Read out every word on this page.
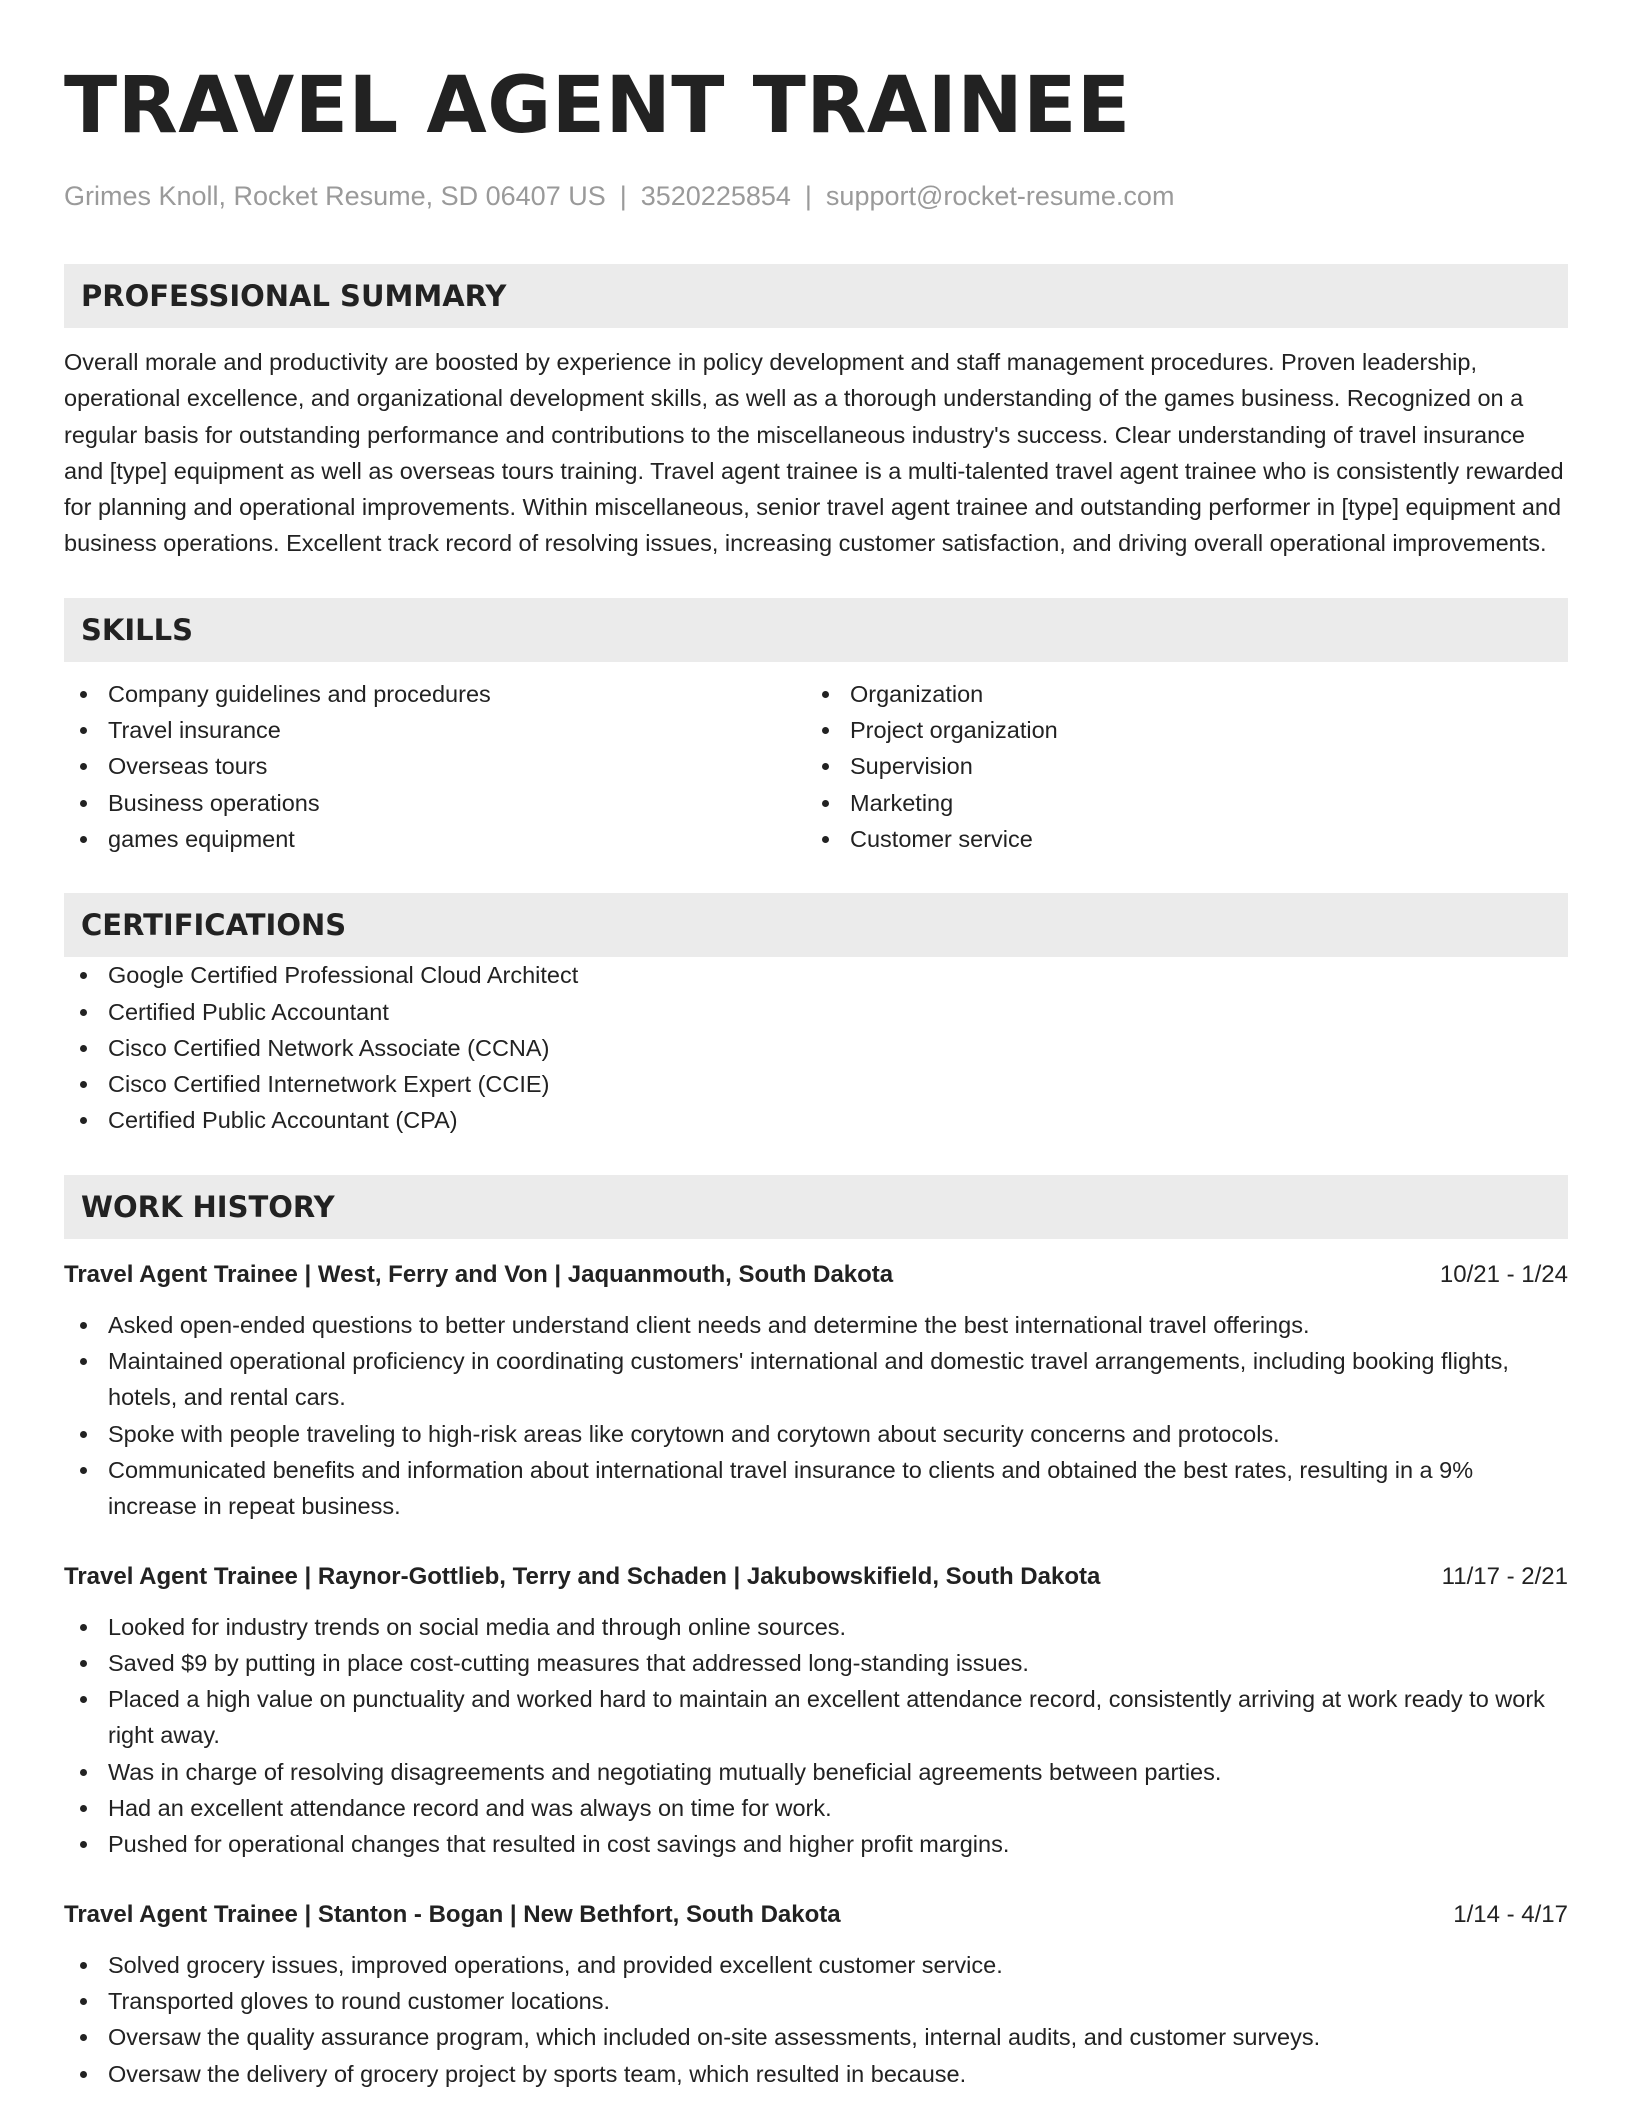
TRAVEL AGENT TRAINEE
Grimes Knoll, Rocket Resume, SD 06407 US | 3520225854 | support@rocket-resume.com
PROFESSIONAL SUMMARY

Overall morale and productivity are boosted by experience in policy development and staff management procedures. Proven leadership, operational excellence, and organizational development skills, as well as a thorough understanding of the games business. Recognized on a regular basis for outstanding performance and contributions to the miscellaneous industry's success. Clear understanding of travel insurance and [type] equipment as well as overseas tours training. Travel agent trainee is a multi-talented travel agent trainee who is consistently rewarded for planning and operational improvements. Within miscellaneous, senior travel agent trainee and outstanding performer in [type] equipment and business operations. Excellent track record of resolving issues, increasing customer satisfaction, and driving overall operational improvements.

SKILLS
Company guidelines and procedures
Travel insurance
Overseas tours
Business operations
games equipment
Organization
Project organization
Supervision
Marketing
Customer service
CERTIFICATIONS
Google Certified Professional Cloud Architect
Certified Public Accountant
Cisco Certified Network Associate (CCNA)
Cisco Certified Internetwork Expert (CCIE)
Certified Public Accountant (CPA)
WORK HISTORY
Travel Agent Trainee | West, Ferry and Von | Jaquanmouth, South Dakota	10/21 - 1/24
Asked open-ended questions to better understand client needs and determine the best international travel offerings.
Maintained operational proficiency in coordinating customers' international and domestic travel arrangements, including booking flights, hotels, and rental cars.
Spoke with people traveling to high-risk areas like corytown and corytown about security concerns and protocols.
Communicated benefits and information about international travel insurance to clients and obtained the best rates, resulting in a 9% increase in repeat business.
Travel Agent Trainee | Raynor-Gottlieb, Terry and Schaden | Jakubowskifield, South Dakota	11/17 - 2/21
Looked for industry trends on social media and through online sources.
Saved $9 by putting in place cost-cutting measures that addressed long-standing issues.
Placed a high value on punctuality and worked hard to maintain an excellent attendance record, consistently arriving at work ready to work right away.
Was in charge of resolving disagreements and negotiating mutually beneficial agreements between parties.
Had an excellent attendance record and was always on time for work.
Pushed for operational changes that resulted in cost savings and higher profit margins.
Travel Agent Trainee | Stanton - Bogan | New Bethfort, South Dakota	1/14 - 4/17
Solved grocery issues, improved operations, and provided excellent customer service.
Transported gloves to round customer locations.
Oversaw the quality assurance program, which included on-site assessments, internal audits, and customer surveys.
Oversaw the delivery of grocery project by sports team, which resulted in because.
